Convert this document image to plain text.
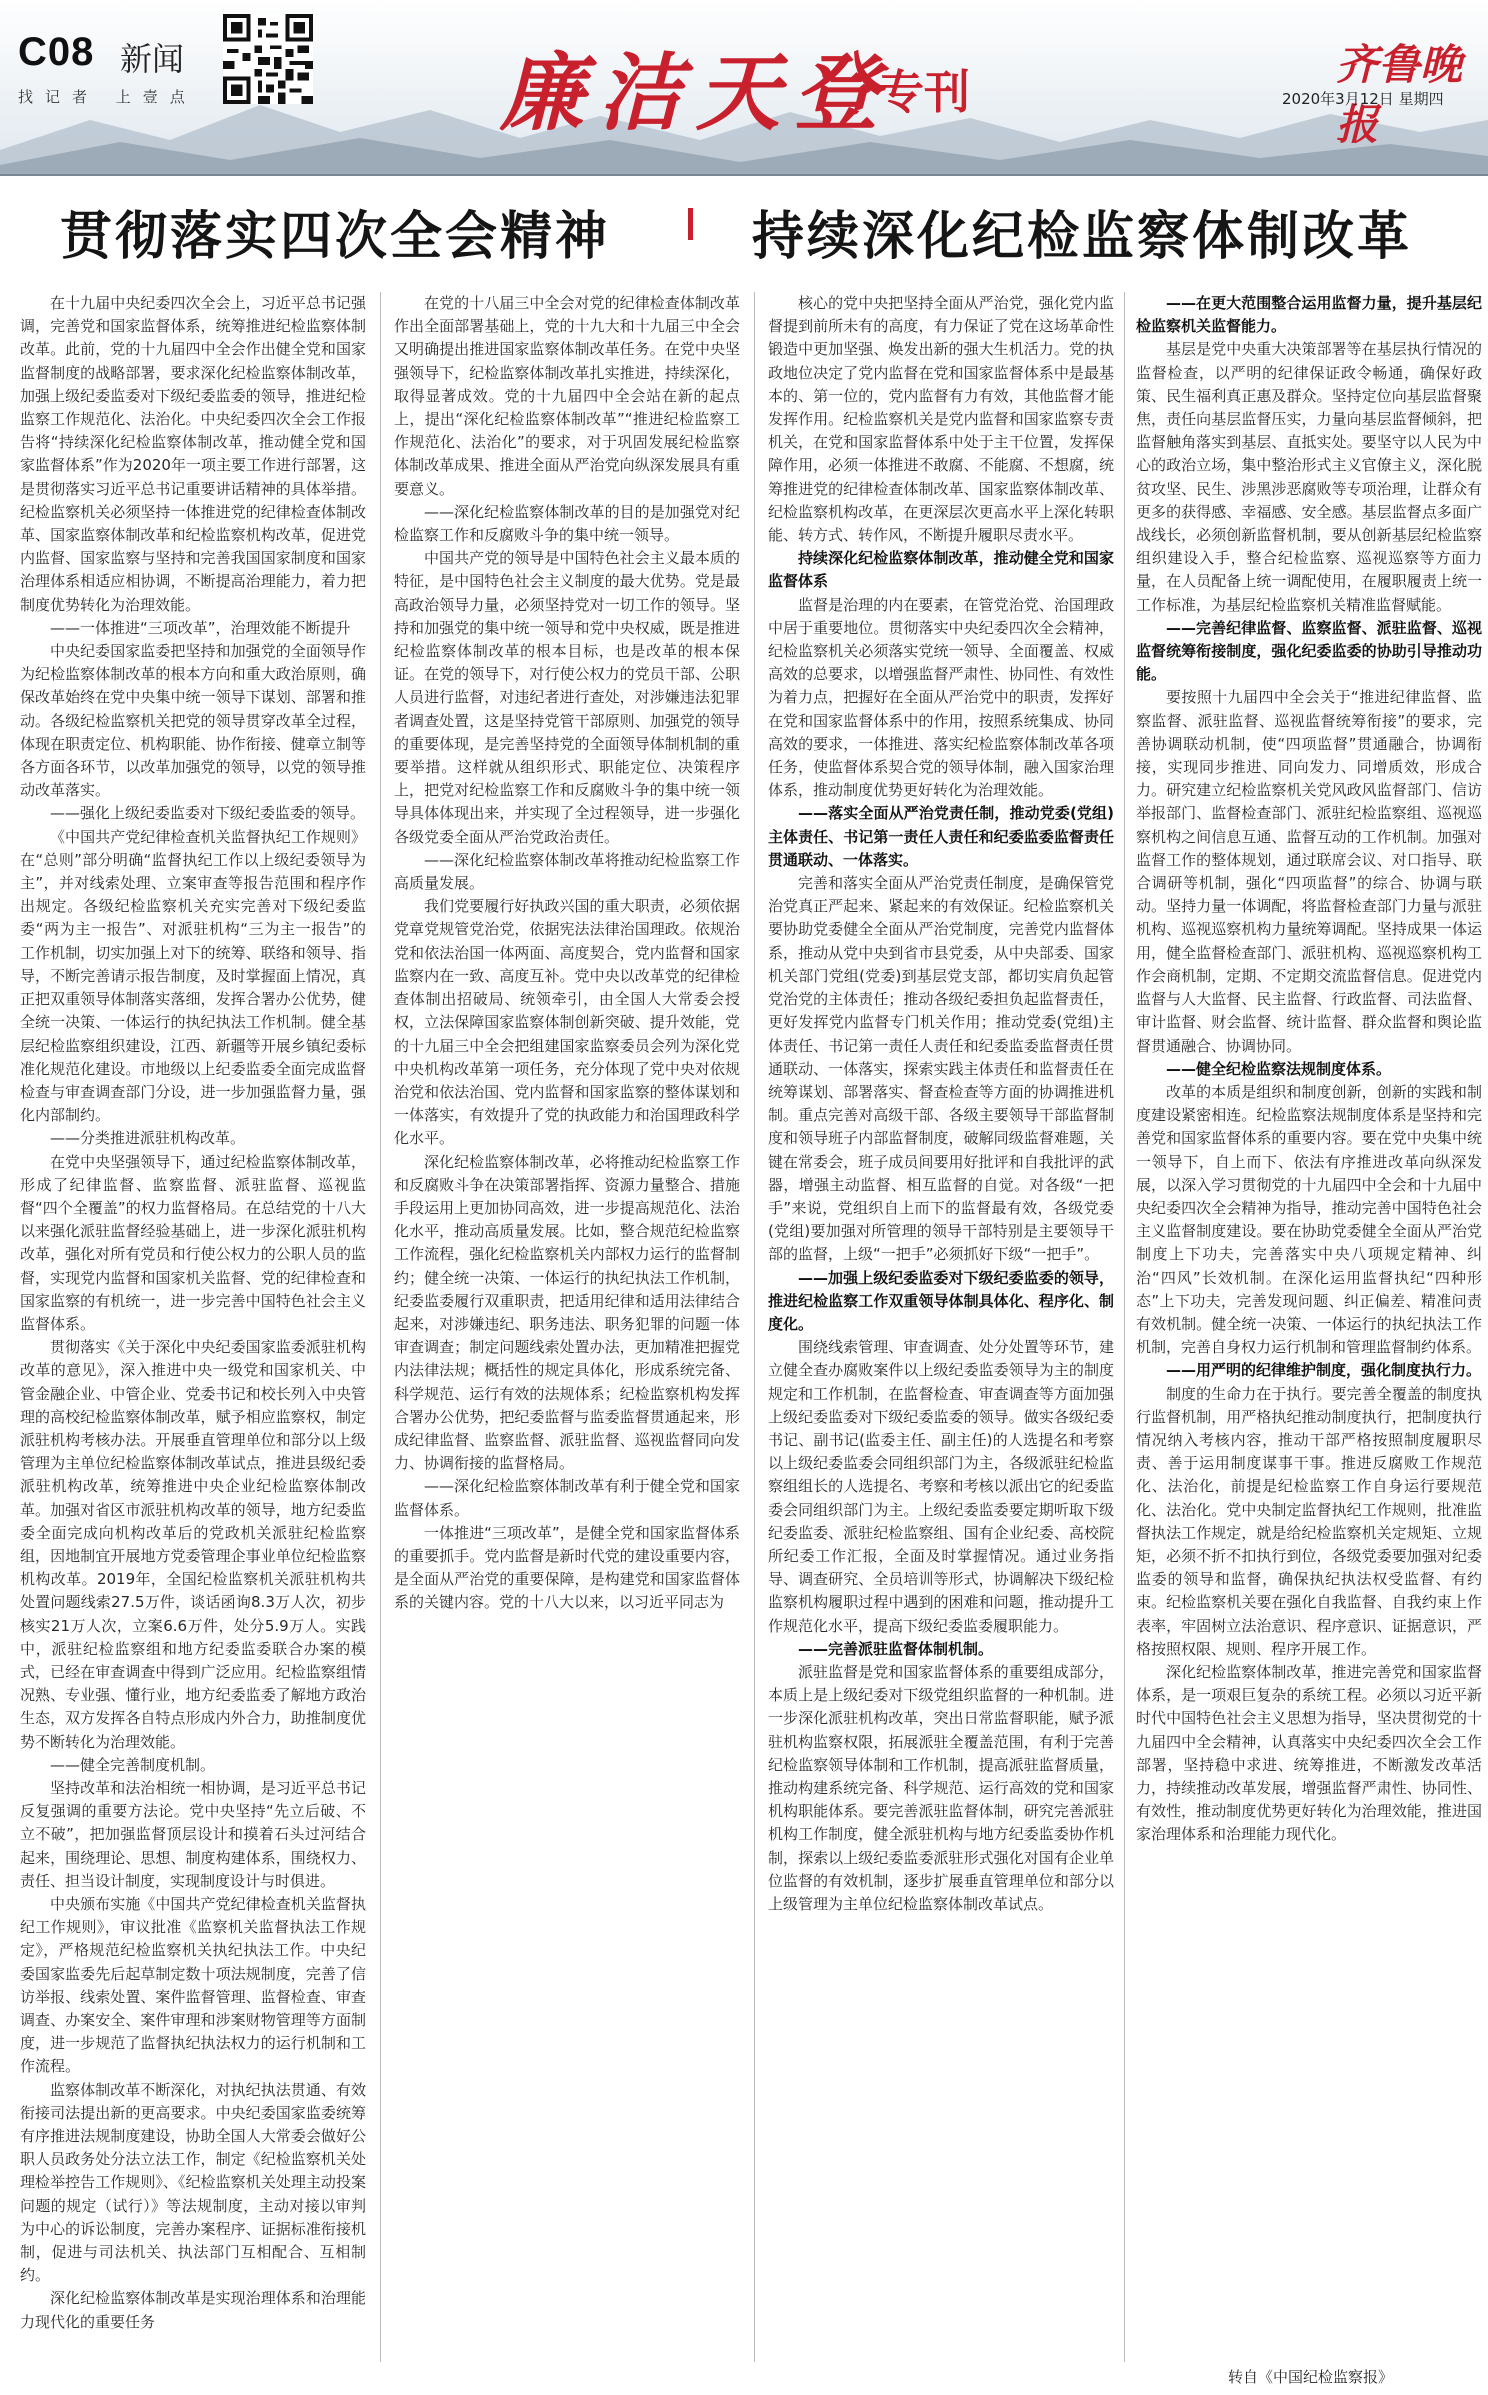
C08 新闻
找记者 上壹点	廉洁天登
专刊
齐鲁晚报
2020年3月12日 星期四
贯彻落实四次全会精神	持续深化纪检监察体制改革

核心的党中央把坚持全面从严治党，强化党内监督提到前所未有的高度，有力保证了党在这场革命性锻造中更加坚强、焕发出新的强大生机活力。党的执政地位决定了党内监督在党和国家监督体系中是最基本的、第一位的，党内监督有力有效，其他监督才能发挥作用。纪检监察机关是党内监督和国家监察专责机关，在党和国家监督体系中处于主干位置，发挥保障作用，必须一体推进不敢腐、不能腐、不想腐，统筹推进党的纪律检查体制改革、国家监察体制改革、纪检监察机构改革，在更深层次更高水平上深化转职能、转方式、转作风，不断提升履职尽责水平。

持续深化纪检监察体制改革，推动健全党和国家监督体系

监督是治理的内在要素，在管党治党、治国理政中居于重要地位。贯彻落实中央纪委四次全会精神，纪检监察机关必须落实党统一领导、全面覆盖、权威高效的总要求，以增强监督严肃性、协同性、有效性为着力点，把握好在全面从严治党中的职责，发挥好在党和国家监督体系中的作用，按照系统集成、协同高效的要求，一体推进、落实纪检监察体制改革各项任务，使监督体系契合党的领导体制，融入国家治理体系，推动制度优势更好转化为治理效能。

——落实全面从严治党责任制，推动党委(党组)主体责任、书记第一责任人责任和纪委监委监督责任贯通联动、一体落实。

完善和落实全面从严治党责任制度，是确保管党治党真正严起来、紧起来的有效保证。纪检监察机关要协助党委健全全面从严治党制度，完善党内监督体系，推动从党中央到省市县党委，从中央部委、国家机关部门党组(党委)到基层党支部，都切实肩负起管党治党的主体责任；推动各级纪委担负起监督责任，更好发挥党内监督专门机关作用；推动党委(党组)主体责任、书记第一责任人责任和纪委监委监督责任贯通联动、一体落实，探索实践主体责任和监督责任在统筹谋划、部署落实、督查检查等方面的协调推进机制。重点完善对高级干部、各级主要领导干部监督制度和领导班子内部监督制度，破解同级监督难题，关键在常委会，班子成员间要用好批评和自我批评的武器，增强主动监督、相互监督的自觉。对各级“一把手”来说，党组织自上而下的监督最有效，各级党委(党组)要加强对所管理的领导干部特别是主要领导干部的监督，上级“一把手”必须抓好下级“一把手”。

——加强上级纪委监委对下级纪委监委的领导，推进纪检监察工作双重领导体制具体化、程序化、制度化。

围绕线索管理、审查调查、处分处置等环节，建立健全查办腐败案件以上级纪委监委领导为主的制度规定和工作机制，在监督检查、审查调查等方面加强上级纪委监委对下级纪委监委的领导。做实各级纪委书记、副书记(监委主任、副主任)的人选提名和考察以上级纪委监委会同组织部门为主，各级派驻纪检监察组组长的人选提名、考察和考核以派出它的纪委监委会同组织部门为主。上级纪委监委要定期听取下级纪委监委、派驻纪检监察组、国有企业纪委、高校院所纪委工作汇报，全面及时掌握情况。通过业务指导、调查研究、全员培训等形式，协调解决下级纪检监察机构履职过程中遇到的困难和问题，推动提升工作规范化水平，提高下级纪委监委履职能力。

——完善派驻监督体制机制。

派驻监督是党和国家监督体系的重要组成部分，本质上是上级纪委对下级党组织监督的一种机制。进一步深化派驻机构改革，突出日常监督职能，赋予派驻机构监察权限，拓展派驻全覆盖范围，有利于完善纪检监察领导体制和工作机制，提高派驻监督质量，推动构建系统完备、科学规范、运行高效的党和国家机构职能体系。要完善派驻监督体制，研究完善派驻机构工作制度，健全派驻机构与地方纪委监委协作机制，探索以上级纪委监委派驻形式强化对国有企业单位监督的有效机制，逐步扩展垂直管理单位和部分以上级管理为主单位纪检监察体制改革试点。

——在更大范围整合运用监督力量，提升基层纪检监察机关监督能力。

基层是党中央重大决策部署等在基层执行情况的监督检查，以严明的纪律保证政令畅通，确保好政策、民生福利真正惠及群众。坚持定位向基层监督聚焦，责任向基层监督压实，力量向基层监督倾斜，把监督触角落实到基层、直抵实处。要坚守以人民为中心的政治立场，集中整治形式主义官僚主义，深化脱贫攻坚、民生、涉黑涉恶腐败等专项治理，让群众有更多的获得感、幸福感、安全感。基层监督点多面广战线长，必须创新监督机制，要从创新基层纪检监察组织建设入手，整合纪检监察、巡视巡察等方面力量，在人员配备上统一调配使用，在履职履责上统一工作标准，为基层纪检监察机关精准监督赋能。

——完善纪律监督、监察监督、派驻监督、巡视监督统筹衔接制度，强化纪委监委的协助引导推动功能。

要按照十九届四中全会关于“推进纪律监督、监察监督、派驻监督、巡视监督统筹衔接”的要求，完善协调联动机制，使“四项监督”贯通融合，协调衔接，实现同步推进、同向发力、同增质效，形成合力。研究建立纪检监察机关党风政风监督部门、信访举报部门、监督检查部门、派驻纪检监察组、巡视巡察机构之间信息互通、监督互动的工作机制。加强对监督工作的整体规划，通过联席会议、对口指导、联合调研等机制，强化“四项监督”的综合、协调与联动。坚持力量一体调配，将监督检查部门力量与派驻机构、巡视巡察机构力量统筹调配。坚持成果一体运用，健全监督检查部门、派驻机构、巡视巡察机构工作会商机制，定期、不定期交流监督信息。促进党内监督与人大监督、民主监督、行政监督、司法监督、审计监督、财会监督、统计监督、群众监督和舆论监督贯通融合、协调协同。

——健全纪检监察法规制度体系。

改革的本质是组织和制度创新，创新的实践和制度建设紧密相连。纪检监察法规制度体系是坚持和完善党和国家监督体系的重要内容。要在党中央集中统一领导下，自上而下、依法有序推进改革向纵深发展，以深入学习贯彻党的十九届四中全会和十九届中央纪委四次全会精神为指导，推动完善中国特色社会主义监督制度建设。要在协助党委健全全面从严治党制度上下功夫，完善落实中央八项规定精神、纠治“四风”长效机制。在深化运用监督执纪“四种形态”上下功夫，完善发现问题、纠正偏差、精准问责有效机制。健全统一决策、一体运行的执纪执法工作机制，完善自身权力运行机制和管理监督制约体系。

——用严明的纪律维护制度，强化制度执行力。

制度的生命力在于执行。要完善全覆盖的制度执行监督机制，用严格执纪推动制度执行，把制度执行情况纳入考核内容，推动干部严格按照制度履职尽责、善于运用制度谋事干事。推进反腐败工作规范化、法治化，前提是纪检监察工作自身运行要规范化、法治化。党中央制定监督执纪工作规则，批准监督执法工作规定，就是给纪检监察机关定规矩、立规矩，必须不折不扣执行到位，各级党委要加强对纪委监委的领导和监督，确保执纪执法权受监督、有约束。纪检监察机关要在强化自我监督、自我约束上作表率，牢固树立法治意识、程序意识、证据意识，严格按照权限、规则、程序开展工作。

深化纪检监察体制改革，推进完善党和国家监督体系，是一项艰巨复杂的系统工程。必须以习近平新时代中国特色社会主义思想为指导，坚决贯彻党的十九届四中全会精神，认真落实中央纪委四次全会工作部署，坚持稳中求进、统筹推进，不断激发改革活力，持续推动改革发展，增强监督严肃性、协同性、有效性，推动制度优势更好转化为治理效能，推进国家治理体系和治理能力现代化。

转自《中国纪检监察报》

在十九届中央纪委四次全会上，习近平总书记强调，完善党和国家监督体系，统筹推进纪检监察体制改革。此前，党的十九届四中全会作出健全党和国家监督制度的战略部署，要求深化纪检监察体制改革，加强上级纪委监委对下级纪委监委的领导，推进纪检监察工作规范化、法治化。中央纪委四次全会工作报告将“持续深化纪检监察体制改革，推动健全党和国家监督体系”作为2020年一项主要工作进行部署，这是贯彻落实习近平总书记重要讲话精神的具体举措。纪检监察机关必须坚持一体推进党的纪律检查体制改革、国家监察体制改革和纪检监察机构改革，促进党内监督、国家监察与坚持和完善我国国家制度和国家治理体系相适应相协调，不断提高治理能力，着力把制度优势转化为治理效能。

——一体推进“三项改革”，治理效能不断提升

中央纪委国家监委把坚持和加强党的全面领导作为纪检监察体制改革的根本方向和重大政治原则，确保改革始终在党中央集中统一领导下谋划、部署和推动。各级纪检监察机关把党的领导贯穿改革全过程，体现在职责定位、机构职能、协作衔接、健章立制等各方面各环节，以改革加强党的领导，以党的领导推动改革落实。

——强化上级纪委监委对下级纪委监委的领导。

《中国共产党纪律检查机关监督执纪工作规则》在“总则”部分明确“监督执纪工作以上级纪委领导为主”，并对线索处理、立案审查等报告范围和程序作出规定。各级纪检监察机关充实完善对下级纪委监委“两为主一报告”、对派驻机构“三为主一报告”的工作机制，切实加强上对下的统筹、联络和领导、指导，不断完善请示报告制度，及时掌握面上情况，真正把双重领导体制落实落细，发挥合署办公优势，健全统一决策、一体运行的执纪执法工作机制。健全基层纪检监察组织建设，江西、新疆等开展乡镇纪委标准化规范化建设。市地级以上纪委监委全面完成监督检查与审查调查部门分设，进一步加强监督力量，强化内部制约。

——分类推进派驻机构改革。

在党中央坚强领导下，通过纪检监察体制改革，形成了纪律监督、监察监督、派驻监督、巡视监督“四个全覆盖”的权力监督格局。在总结党的十八大以来强化派驻监督经验基础上，进一步深化派驻机构改革，强化对所有党员和行使公权力的公职人员的监督，实现党内监督和国家机关监督、党的纪律检查和国家监察的有机统一，进一步完善中国特色社会主义监督体系。

贯彻落实《关于深化中央纪委国家监委派驻机构改革的意见》，深入推进中央一级党和国家机关、中管金融企业、中管企业、党委书记和校长列入中央管理的高校纪检监察体制改革，赋予相应监察权，制定派驻机构考核办法。开展垂直管理单位和部分以上级管理为主单位纪检监察体制改革试点，推进县级纪委派驻机构改革，统筹推进中央企业纪检监察体制改革。加强对省区市派驻机构改革的领导，地方纪委监委全面完成向机构改革后的党政机关派驻纪检监察组，因地制宜开展地方党委管理企事业单位纪检监察机构改革。2019年，全国纪检监察机关派驻机构共处置问题线索27.5万件，谈话函询8.3万人次，初步核实21万人次，立案6.6万件，处分5.9万人。实践中，派驻纪检监察组和地方纪委监委联合办案的模式，已经在审查调查中得到广泛应用。纪检监察组情况熟、专业强、懂行业，地方纪委监委了解地方政治生态，双方发挥各自特点形成内外合力，助推制度优势不断转化为治理效能。

——健全完善制度机制。

坚持改革和法治相统一相协调，是习近平总书记反复强调的重要方法论。党中央坚持“先立后破、不立不破”，把加强监督顶层设计和摸着石头过河结合起来，围绕理论、思想、制度构建体系，围绕权力、责任、担当设计制度，实现制度设计与时俱进。

中央颁布实施《中国共产党纪律检查机关监督执纪工作规则》，审议批准《监察机关监督执法工作规定》，严格规范纪检监察机关执纪执法工作。中央纪委国家监委先后起草制定数十项法规制度，完善了信访举报、线索处置、案件监督管理、监督检查、审查调查、办案安全、案件审理和涉案财物管理等方面制度，进一步规范了监督执纪执法权力的运行机制和工作流程。

监察体制改革不断深化，对执纪执法贯通、有效衔接司法提出新的更高要求。中央纪委国家监委统筹有序推进法规制度建设，协助全国人大常委会做好公职人员政务处分法立法工作，制定《纪检监察机关处理检举控告工作规则》、《纪检监察机关处理主动投案问题的规定（试行）》等法规制度，主动对接以审判为中心的诉讼制度，完善办案程序、证据标准衔接机制，促进与司法机关、执法部门互相配合、互相制约。

深化纪检监察体制改革是实现治理体系和治理能力现代化的重要任务

在党的十八届三中全会对党的纪律检查体制改革作出全面部署基础上，党的十九大和十九届三中全会又明确提出推进国家监察体制改革任务。在党中央坚强领导下，纪检监察体制改革扎实推进，持续深化，取得显著成效。党的十九届四中全会站在新的起点上，提出“深化纪检监察体制改革”“推进纪检监察工作规范化、法治化”的要求，对于巩固发展纪检监察体制改革成果、推进全面从严治党向纵深发展具有重要意义。

——深化纪检监察体制改革的目的是加强党对纪检监察工作和反腐败斗争的集中统一领导。

中国共产党的领导是中国特色社会主义最本质的特征，是中国特色社会主义制度的最大优势。党是最高政治领导力量，必须坚持党对一切工作的领导。坚持和加强党的集中统一领导和党中央权威，既是推进纪检监察体制改革的根本目标，也是改革的根本保证。在党的领导下，对行使公权力的党员干部、公职人员进行监督，对违纪者进行查处，对涉嫌违法犯罪者调查处置，这是坚持党管干部原则、加强党的领导的重要体现，是完善坚持党的全面领导体制机制的重要举措。这样就从组织形式、职能定位、决策程序上，把党对纪检监察工作和反腐败斗争的集中统一领导具体体现出来，并实现了全过程领导，进一步强化各级党委全面从严治党政治责任。

——深化纪检监察体制改革将推动纪检监察工作高质量发展。

我们党要履行好执政兴国的重大职责，必须依据党章党规管党治党，依据宪法法律治国理政。依规治党和依法治国一体两面、高度契合，党内监督和国家监察内在一致、高度互补。党中央以改革党的纪律检查体制出招破局、统领牵引，由全国人大常委会授权，立法保障国家监察体制创新突破、提升效能，党的十九届三中全会把组建国家监察委员会列为深化党中央机构改革第一项任务，充分体现了党中央对依规治党和依法治国、党内监督和国家监察的整体谋划和一体落实，有效提升了党的执政能力和治国理政科学化水平。

深化纪检监察体制改革，必将推动纪检监察工作和反腐败斗争在决策部署指挥、资源力量整合、措施手段运用上更加协同高效，进一步提高规范化、法治化水平，推动高质量发展。比如，整合规范纪检监察工作流程，强化纪检监察机关内部权力运行的监督制约；健全统一决策、一体运行的执纪执法工作机制，纪委监委履行双重职责，把适用纪律和适用法律结合起来，对涉嫌违纪、职务违法、职务犯罪的问题一体审查调查；制定问题线索处置办法，更加精准把握党内法律法规；概括性的规定具体化，形成系统完备、科学规范、运行有效的法规体系；纪检监察机构发挥合署办公优势，把纪委监督与监委监督贯通起来，形成纪律监督、监察监督、派驻监督、巡视监督同向发力、协调衔接的监督格局。

——深化纪检监察体制改革有利于健全党和国家监督体系。

一体推进“三项改革”，是健全党和国家监督体系的重要抓手。党内监督是新时代党的建设重要内容，是全面从严治党的重要保障，是构建党和国家监督体系的关键内容。党的十八大以来，以习近平同志为
